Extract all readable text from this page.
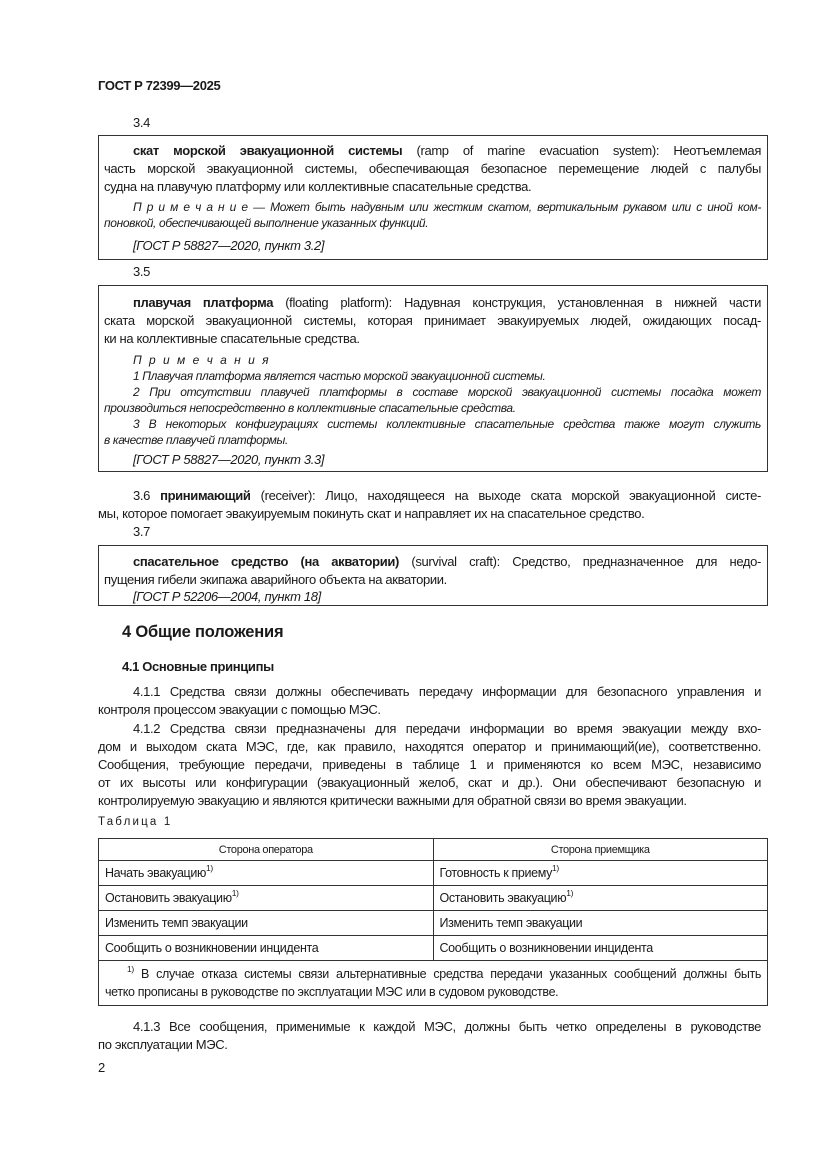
ГОСТ Р 72399—2025
3.4
скат морской эвакуационной системы (ramp of marine evacuation system): Неотъемлемая
часть морской эвакуационной системы, обеспечивающая безопасное перемещение людей с палубы
судна на плавучую платформу или коллективные спасательные средства.
П р и м е ч а н и е — Может быть надувным или жестким скатом, вертикальным рукавом или с иной ком-
поновкой, обеспечивающей выполнение указанных функций.
[ГОСТ Р 58827—2020, пункт 3.2]
3.5
плавучая платформа (floating platform): Надувная конструкция, установленная в нижней части
ската морской эвакуационной системы, которая принимает эвакуируемых людей, ожидающих посад-
ки на коллективные спасательные средства.
П р и м е ч а н и я
1 Плавучая платформа является частью морской эвакуационной системы.
2 При отсутствии плавучей платформы в составе морской эвакуационной системы посадка может
производиться непосредственно в коллективные спасательные средства.
3 В некоторых конфигурациях системы коллективные спасательные средства также могут служить
в качестве плавучей платформы.
[ГОСТ Р 58827—2020, пункт 3.3]
3.6 принимающий (receiver): Лицо, находящееся на выходе ската морской эвакуационной систе-
мы, которое помогает эвакуируемым покинуть скат и направляет их на спасательное средство.
3.7
спасательное средство (на акватории) (survival craft): Средство, предназначенное для недо-
пущения гибели экипажа аварийного объекта на акватории.
[ГОСТ Р 52206—2004, пункт 18]
4 Общие положения
4.1 Основные принципы
4.1.1 Средства связи должны обеспечивать передачу информации для безопасного управления и
контроля процессом эвакуации с помощью МЭС.
4.1.2 Средства связи предназначены для передачи информации во время эвакуации между вхо-
дом и выходом ската МЭС, где, как правило, находятся оператор и принимающий(ие), соответственно.
Сообщения, требующие передачи, приведены в таблице 1 и применяются ко всем МЭС, независимо
от их высоты или конфигурации (эвакуационный желоб, скат и др.). Они обеспечивают безопасную и
контролируемую эвакуацию и являются критически важными для обратной связи во время эвакуации.
Таблица 1
Сторона оператора	Сторона приемщика
Начать эвакуацию$^{1)}$	Готовность к приему$^{1)}$
Остановить эвакуацию$^{1)}$	Остановить эвакуацию$^{1)}$
Изменить темп эвакуации	Изменить темп эвакуации
Сообщить о возникновении инцидента	Сообщить о возникновении инцидента

$^{1)}$ В случае отказа системы связи альтернативные средства передачи указанных сообщений должны быть
четко прописаны в руководстве по эксплуатации МЭС или в судовом руководстве.	
4.1.3 Все сообщения, применимые к каждой МЭС, должны быть четко определены в руководстве
по эксплуатации МЭС.
2
